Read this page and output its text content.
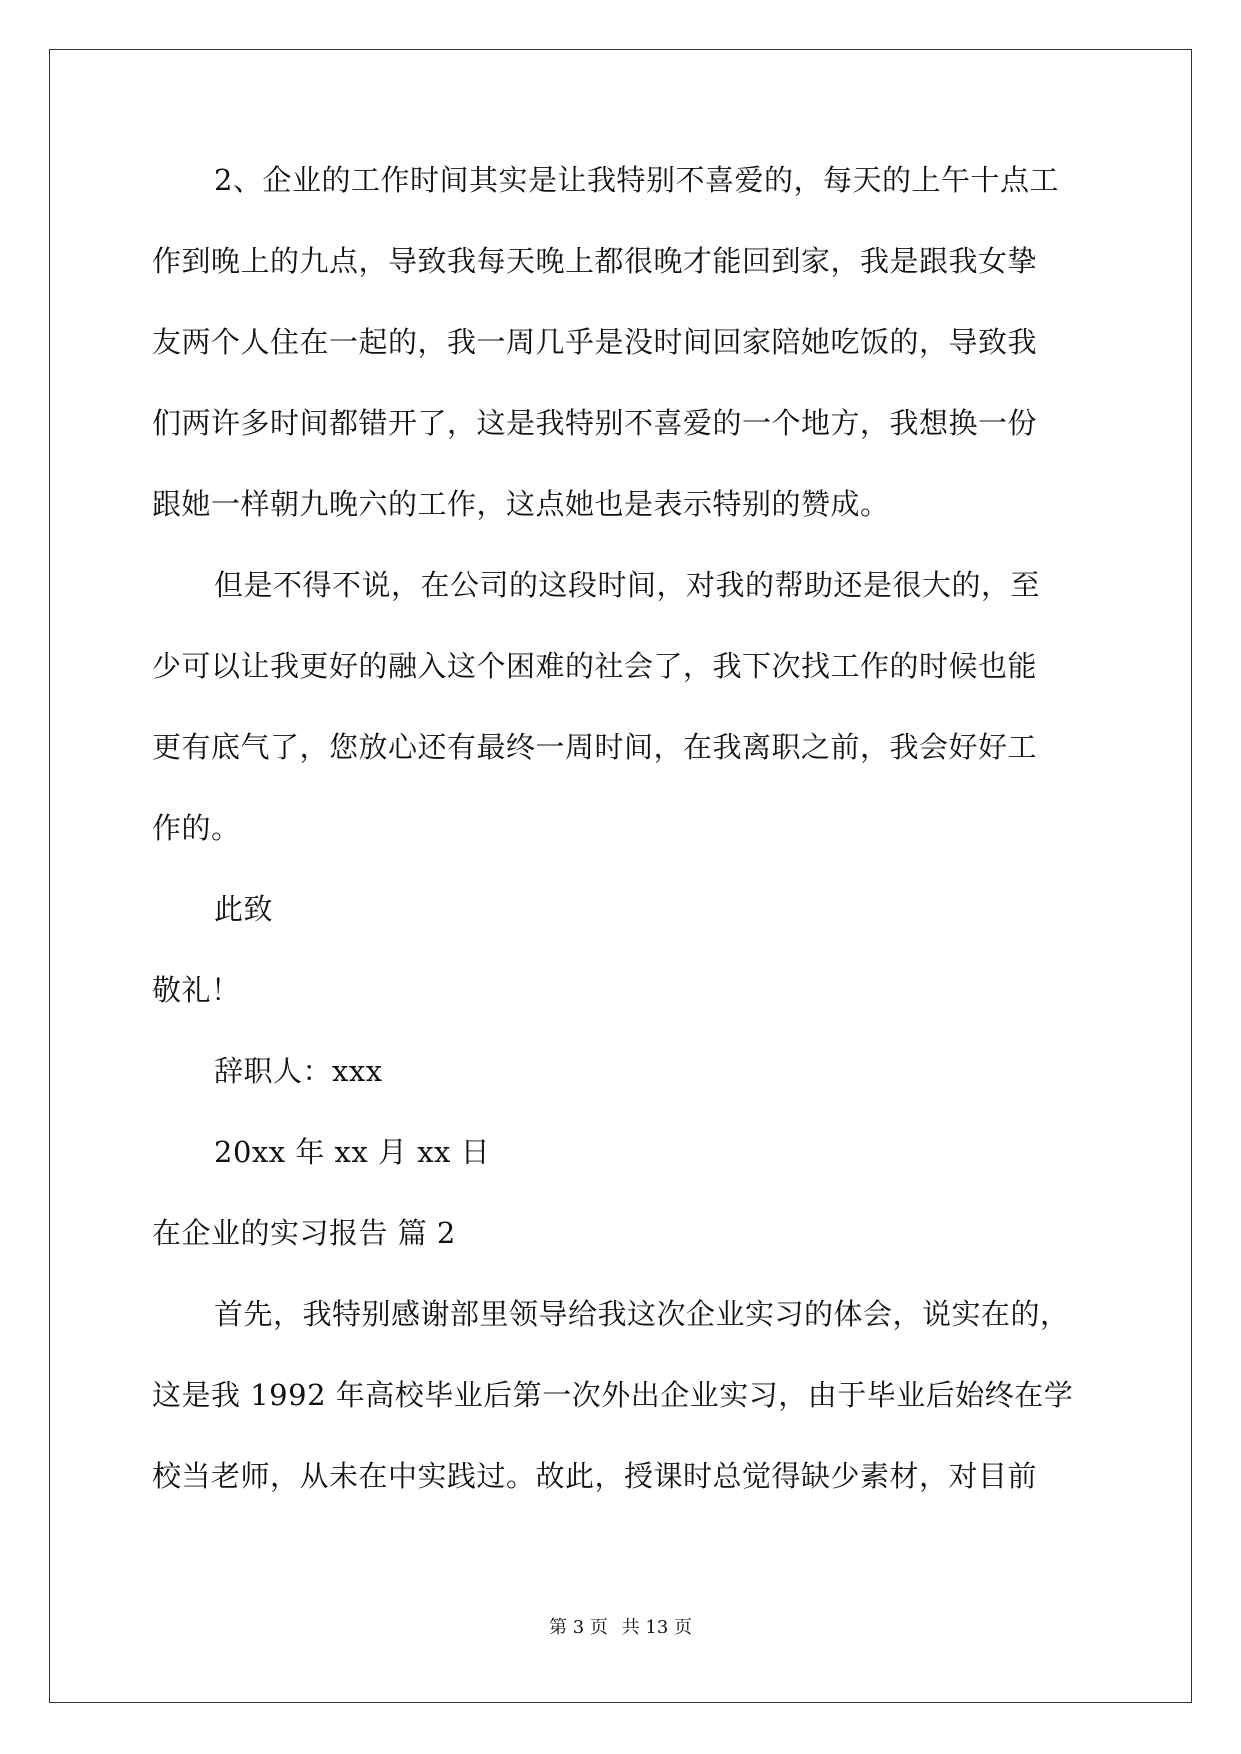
2、企业的工作时间其实是让我特别不喜爱的，每天的上午十点工
作到晚上的九点，导致我每天晚上都很晚才能回到家，我是跟我女挚
友两个人住在一起的，我一周几乎是没时间回家陪她吃饭的，导致我
们两许多时间都错开了，这是我特别不喜爱的一个地方，我想换一份
跟她一样朝九晚六的工作，这点她也是表示特别的赞成。
但是不得不说，在公司的这段时间，对我的帮助还是很大的，至
少可以让我更好的融入这个困难的社会了，我下次找工作的时候也能
更有底气了，您放心还有最终一周时间，在我离职之前，我会好好工
作的。
此致
敬礼！
辞职人：xxx
20xx 年 xx 月 xx 日
在企业的实习报告 篇 2
首先，我特别感谢部里领导给我这次企业实习的体会，说实在的，
这是我 1992 年高校毕业后第一次外出企业实习，由于毕业后始终在学
校当老师，从未在中实践过。故此，授课时总觉得缺少素材，对目前
第 3 页 共 13 页
